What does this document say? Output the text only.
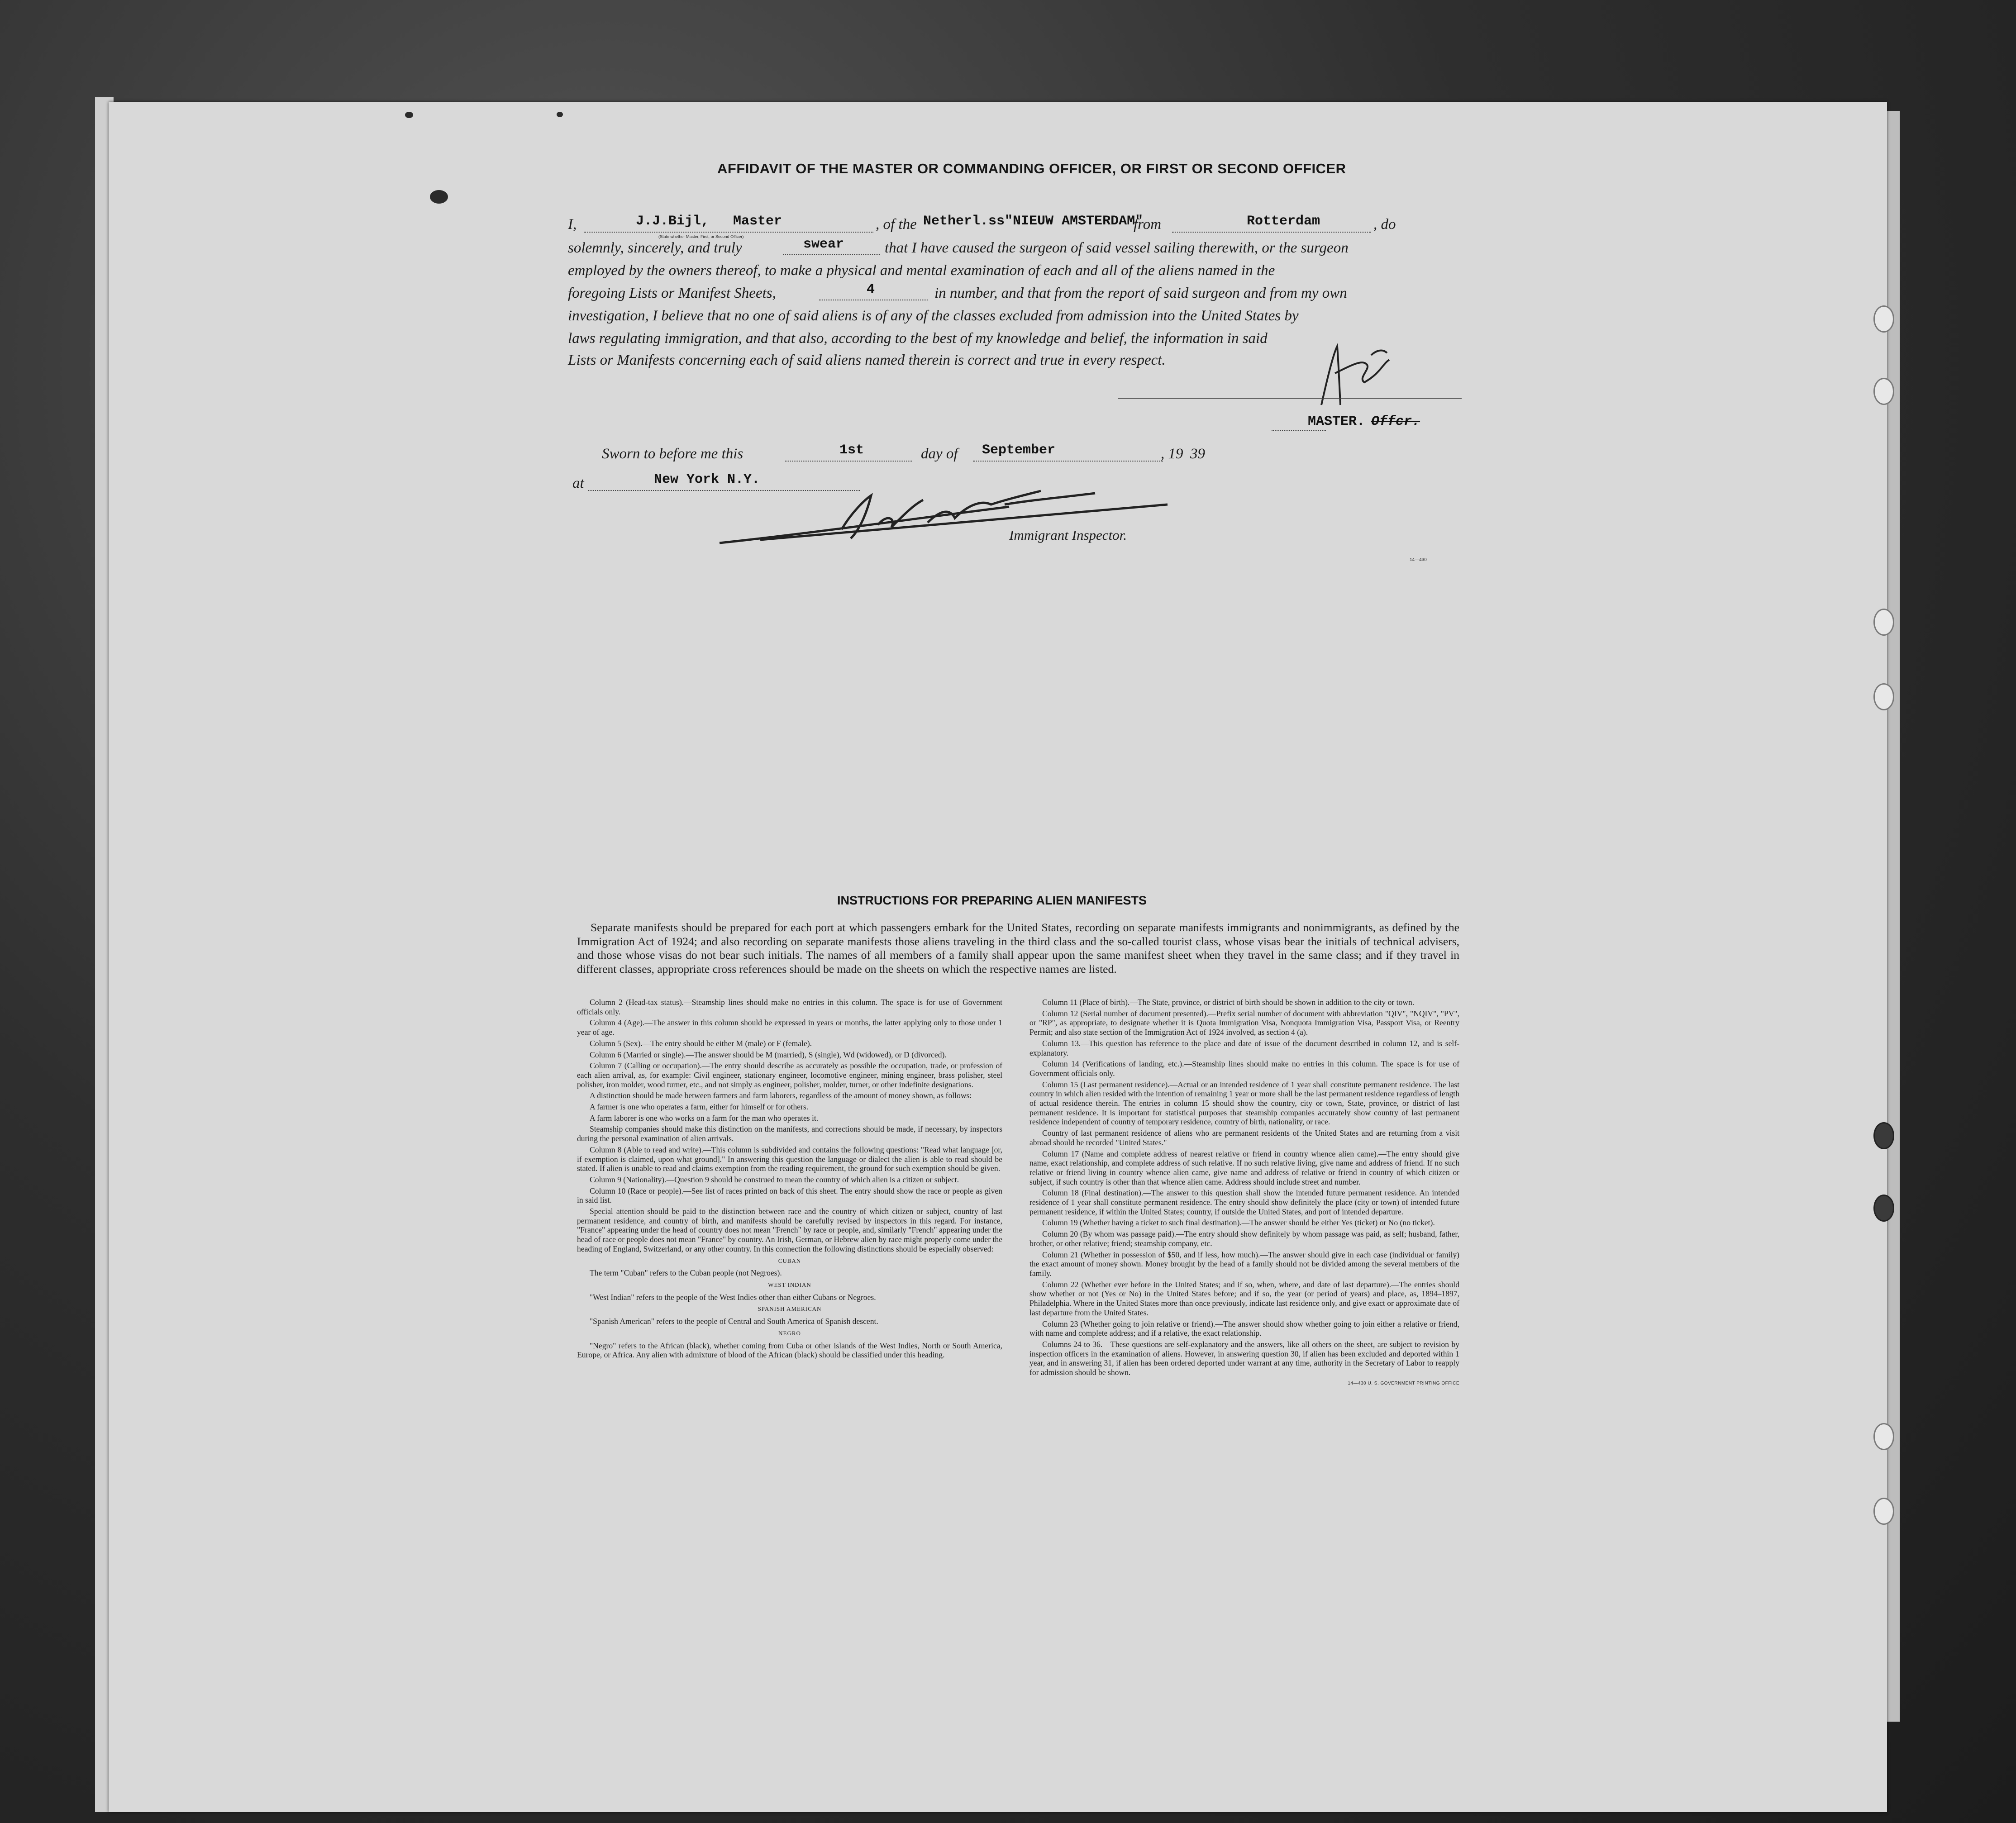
AFFIDAVIT OF THE MASTER OR COMMANDING OFFICER, OR FIRST OR SECOND OFFICER
I,	J.J.Bijl, Master	, of the Netherl.ss"NIEUW AMSTERDAM"
from	Rotterdam	, do
(State whether Master, First, or Second Officer)
solemnly, sincerely, and truly	swear	that I have caused the surgeon of said vessel sailing therewith, or the surgeon
employed by the owners thereof, to make a physical and mental examination of each and all of the aliens named in the
foregoing Lists or Manifest Sheets,	4	in number, and that from the report of said surgeon and from my own
investigation, I believe that no one of said aliens is of any of the classes excluded from admission into the United States by
laws regulating immigration, and that also, according to the best of my knowledge and belief, the information in said
Lists or Manifests concerning each of said aliens named therein is correct and true in every respect.
MASTER. Offcr.
Sworn to before me this	1st	day of September	, 19 39
at	New York N.Y.
Immigrant Inspector.
14—430
INSTRUCTIONS FOR PREPARING ALIEN MANIFESTS
Separate manifests should be prepared for each port at which passengers embark for the United States, recording on separate manifests immigrants and nonimmigrants, as defined by the Immigration Act of 1924; and also recording on separate manifests those aliens traveling in the third class and the so-called tourist class, whose visas bear the initials of technical advisers, and those whose visas do not bear such initials. The names of all members of a family shall appear upon the same manifest sheet when they travel in the same class; and if they travel in different classes, appropriate cross references should be made on the sheets on which the respective names are listed.

Column 2 (Head-tax status).—Steamship lines should make no entries in this column. The space is for use of Government officials only.

Column 4 (Age).—The answer in this column should be expressed in years or months, the latter applying only to those under 1 year of age.

Column 5 (Sex).—The entry should be either M (male) or F (female).

Column 6 (Married or single).—The answer should be M (married), S (single), Wd (widowed), or D (divorced).

Column 7 (Calling or occupation).—The entry should describe as accurately as possible the occupation, trade, or profession of each alien arrival, as, for example: Civil engineer, stationary engineer, locomotive engineer, mining engineer, brass polisher, steel polisher, iron molder, wood turner, etc., and not simply as engineer, polisher, molder, turner, or other indefinite designations.

A distinction should be made between farmers and farm laborers, regardless of the amount of money shown, as follows:

A farmer is one who operates a farm, either for himself or for others.

A farm laborer is one who works on a farm for the man who operates it.

Steamship companies should make this distinction on the manifests, and corrections should be made, if necessary, by inspectors during the personal examination of alien arrivals.

Column 8 (Able to read and write).—This column is subdivided and contains the following questions: "Read what language [or, if exemption is claimed, upon what ground]." In answering this question the language or dialect the alien is able to read should be stated. If alien is unable to read and claims exemption from the reading requirement, the ground for such exemption should be given.

Column 9 (Nationality).—Question 9 should be construed to mean the country of which alien is a citizen or subject.

Column 10 (Race or people).—See list of races printed on back of this sheet. The entry should show the race or people as given in said list.

Special attention should be paid to the distinction between race and the country of which citizen or subject, country of last permanent residence, and country of birth, and manifests should be carefully revised by inspectors in this regard. For instance, "France" appearing under the head of country does not mean "French" by race or people, and, similarly "French" appearing under the head of race or people does not mean "France" by country. An Irish, German, or Hebrew alien by race might properly come under the heading of England, Switzerland, or any other country. In this connection the following distinctions should be especially observed:

CUBAN

The term "Cuban" refers to the Cuban people (not Negroes).

WEST INDIAN

"West Indian" refers to the people of the West Indies other than either Cubans or Negroes.

SPANISH AMERICAN

"Spanish American" refers to the people of Central and South America of Spanish descent.

NEGRO

"Negro" refers to the African (black), whether coming from Cuba or other islands of the West Indies, North or South America, Europe, or Africa. Any alien with admixture of blood of the African (black) should be classified under this heading.

Column 11 (Place of birth).—The State, province, or district of birth should be shown in addition to the city or town.

Column 12 (Serial number of document presented).—Prefix serial number of document with abbreviation "QIV", "NQIV", "PV", or "RP", as appropriate, to designate whether it is Quota Immigration Visa, Nonquota Immigration Visa, Passport Visa, or Reentry Permit; and also state section of the Immigration Act of 1924 involved, as section 4 (a).

Column 13.—This question has reference to the place and date of issue of the document described in column 12, and is self-explanatory.

Column 14 (Verifications of landing, etc.).—Steamship lines should make no entries in this column. The space is for use of Government officials only.

Column 15 (Last permanent residence).—Actual or an intended residence of 1 year shall constitute permanent residence. The last country in which alien resided with the intention of remaining 1 year or more shall be the last permanent residence regardless of length of actual residence therein. The entries in column 15 should show the country, city or town, State, province, or district of last permanent residence. It is important for statistical purposes that steamship companies accurately show country of last permanent residence independent of country of temporary residence, country of birth, nationality, or race.

Country of last permanent residence of aliens who are permanent residents of the United States and are returning from a visit abroad should be recorded "United States."

Column 17 (Name and complete address of nearest relative or friend in country whence alien came).—The entry should give name, exact relationship, and complete address of such relative. If no such relative living, give name and address of friend. If no such relative or friend living in country whence alien came, give name and address of relative or friend in country of which citizen or subject, if such country is other than that whence alien came. Address should include street and number.

Column 18 (Final destination).—The answer to this question shall show the intended future permanent residence. An intended residence of 1 year shall constitute permanent residence. The entry should show definitely the place (city or town) of intended future permanent residence, if within the United States; country, if outside the United States, and port of intended departure.

Column 19 (Whether having a ticket to such final destination).—The answer should be either Yes (ticket) or No (no ticket).

Column 20 (By whom was passage paid).—The entry should show definitely by whom passage was paid, as self; husband, father, brother, or other relative; friend; steamship company, etc.

Column 21 (Whether in possession of $50, and if less, how much).—The answer should give in each case (individual or family) the exact amount of money shown. Money brought by the head of a family should not be divided among the several members of the family.

Column 22 (Whether ever before in the United States; and if so, when, where, and date of last departure).—The entries should show whether or not (Yes or No) in the United States before; and if so, the year (or period of years) and place, as, 1894–1897, Philadelphia. Where in the United States more than once previously, indicate last residence only, and give exact or approximate date of last departure from the United States.

Column 23 (Whether going to join relative or friend).—The answer should show whether going to join either a relative or friend, with name and complete address; and if a relative, the exact relationship.

Columns 24 to 36.—These questions are self-explanatory and the answers, like all others on the sheet, are subject to revision by inspection officers in the examination of aliens. However, in answering question 30, if alien has been excluded and deported within 1 year, and in answering 31, if alien has been ordered deported under warrant at any time, authority in the Secretary of Labor to reapply for admission should be shown.

14—430 U. S. GOVERNMENT PRINTING OFFICE
